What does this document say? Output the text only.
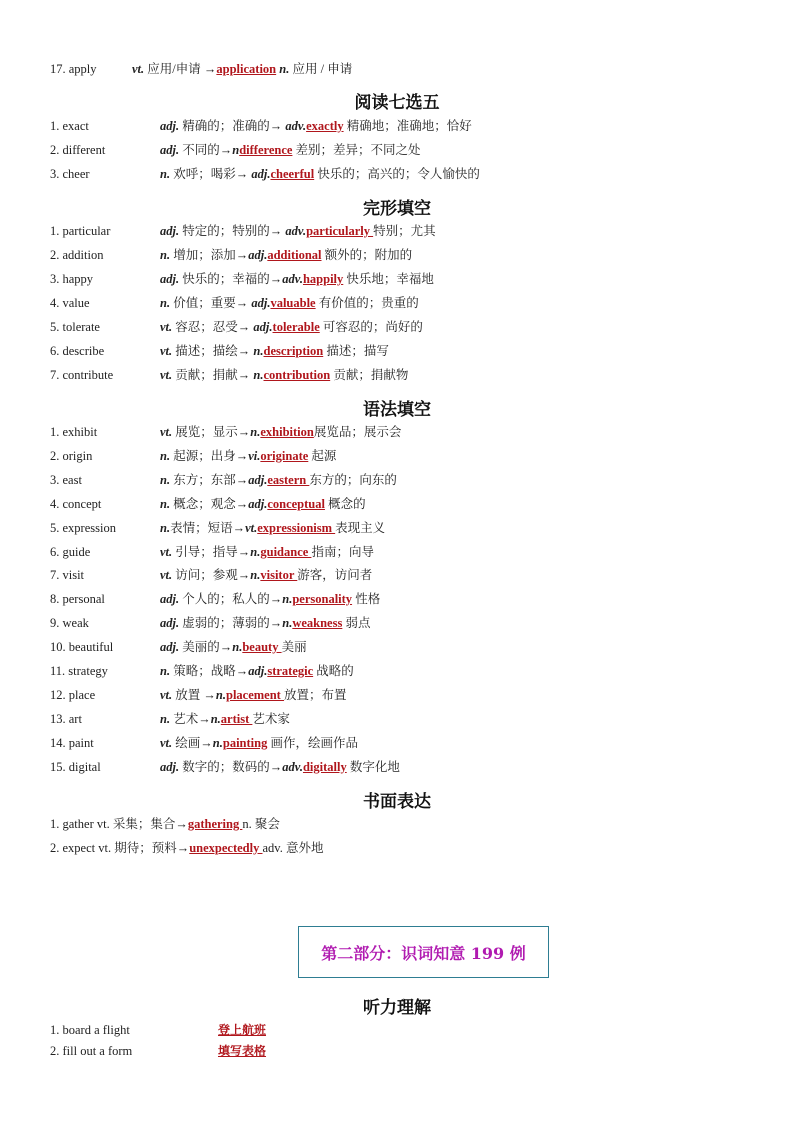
17. apply	vt. 应用/申请 →application n. 应用 / 申请
阅读七选五
1. exact	adj. 精确的；准确的→ adv.exactly 精确地；准确地；恰好
2. different	adj. 不同的→ndifference 差别；差异；不同之处
3. cheer	n. 欢呼；喝彩→ adj.cheerful 快乐的；高兴的；令人愉快的
完形填空
1. particular	adj. 特定的；特别的→ adv.particularly 特别；尤其
2. addition	n. 增加；添加→adj.additional 额外的；附加的
3. happy	adj. 快乐的；幸福的→adv.happily 快乐地；幸福地
4. value	n. 价值；重要→ adj.valuable 有价值的；贵重的
5. tolerate	vt. 容忍；忍受→ adj.tolerable 可容忍的；尚好的
6. describe	vt. 描述；描绘→ n.description 描述；描写
7. contribute	vt. 贡献；捐献→ n.contribution 贡献；捐献物
语法填空
1. exhibit	vt. 展览；显示→n.exhibition展览品；展示会
2. origin	n. 起源；出身→vi.originate 起源
3. east	n. 东方；东部→adj.eastern 东方的；向东的
4. concept	n. 概念；观念→adj.conceptual 概念的
5. expression	n.表情；短语→vt.expressionism 表现主义
6. guide	vt. 引导；指导→n.guidance 指南；向导
7. visit	vt. 访问；参观→n.visitor 游客，访问者
8. personal	adj. 个人的；私人的→n.personality 性格
9. weak	adj. 虚弱的；薄弱的→n.weakness 弱点
10. beautiful	adj. 美丽的→n.beauty 美丽
11. strategy	n. 策略；战略→adj.strategic 战略的
12. place	vt. 放置 →n.placement 放置；布置
13. art	n. 艺术→n.artist 艺术家
14. paint	vt. 绘画→n.painting 画作，绘画作品
15. digital	adj. 数字的；数码的→adv.digitally 数字化地
书面表达
1. gather vt. 采集；集合→gathering n. 聚会
2. expect vt. 期待；预料→unexpectedly adv. 意外地
第二部分：识词知意 199 例
听力理解
1. board a flight	登上航班
2. fill out a form	填写表格
